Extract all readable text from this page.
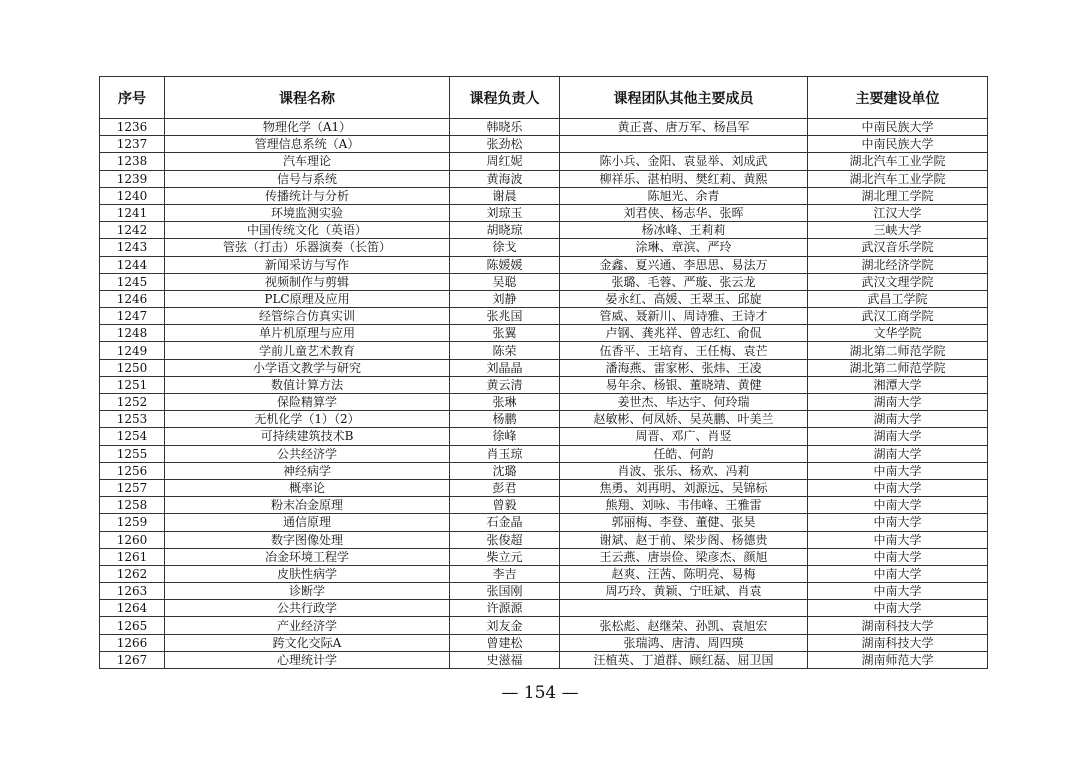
序号	课程名称	课程负责人	课程团队其他主要成员	主要建设单位
1236	物理化学（A1）	韩晓乐	黄正喜、唐万军、杨昌军	中南民族大学
1237	管理信息系统（A）	张劲松		中南民族大学
1238	汽车理论	周红妮	陈小兵、金阳、袁显举、刘成武	湖北汽车工业学院
1239	信号与系统	黄海波	柳祥乐、湛柏明、樊红莉、黄熙	湖北汽车工业学院
1240	传播统计与分析	谢晨	陈旭光、余青	湖北理工学院
1241	环境监测实验	刘琼玉	刘君侠、杨志华、张晖	江汉大学
1242	中国传统文化（英语）	胡晓琼	杨冰峰、王莉莉	三峡大学
1243	管弦（打击）乐器演奏（长笛）	徐戈	涂琳、章滨、严玲	武汉音乐学院
1244	新闻采访与写作	陈媛媛	金鑫、夏兴通、李思思、易法万	湖北经济学院
1245	视频制作与剪辑	吴聪	张璐、毛蓉、严璇、张云龙	武汉文理学院
1246	PLC原理及应用	刘静	晏永红、高媛、王翠玉、邱旋	武昌工学院
1247	经管综合仿真实训	张兆国	管威、聂新川、周诗雅、王诗才	武汉工商学院
1248	单片机原理与应用	张翼	卢钢、龚兆祥、曾志红、俞侃	文华学院
1249	学前儿童艺术教育	陈荣	伍香平、王培育、王任梅、袁芒	湖北第二师范学院
1250	小学语文教学与研究	刘晶晶	潘海燕、雷家彬、张炜、王凌	湖北第二师范学院
1251	数值计算方法	黄云清	易年余、杨银、董晓靖、黄健	湘潭大学
1252	保险精算学	张琳	姜世杰、毕达宇、何玲瑞	湖南大学
1253	无机化学（1）（2）	杨鹏	赵敏彬、何凤娇、吴英鹏、叶美兰	湖南大学
1254	可持续建筑技术B	徐峰	周晋、邓广、肖竖	湖南大学
1255	公共经济学	肖玉琼	任皓、何韵	湖南大学
1256	神经病学	沈璐	肖波、张乐、杨欢、冯莉	中南大学
1257	概率论	彭君	焦勇、刘再明、刘源远、吴锦标	中南大学
1258	粉末冶金原理	曾毅	熊翔、刘咏、韦伟峰、王雅雷	中南大学
1259	通信原理	石金晶	郭丽梅、李登、董健、张昊	中南大学
1260	数字图像处理	张俊超	谢斌、赵于前、梁步阁、杨德贵	中南大学
1261	冶金环境工程学	柴立元	王云燕、唐崇俭、梁彦杰、颜旭	中南大学
1262	皮肤性病学	李吉	赵爽、汪茜、陈明亮、易梅	中南大学
1263	诊断学	张国刚	周巧玲、黄颖、宁旺斌、肖袁	中南大学
1264	公共行政学	许源源		中南大学
1265	产业经济学	刘友金	张松彪、赵继荣、孙凯、袁旭宏	湖南科技大学
1266	跨文化交际A	曾建松	张瑞鸿、唐清、周四瑛	湖南科技大学
1267	心理统计学	史滋福	汪植英、丁道群、顾红磊、屈卫国	湖南师范大学
— 154 —
